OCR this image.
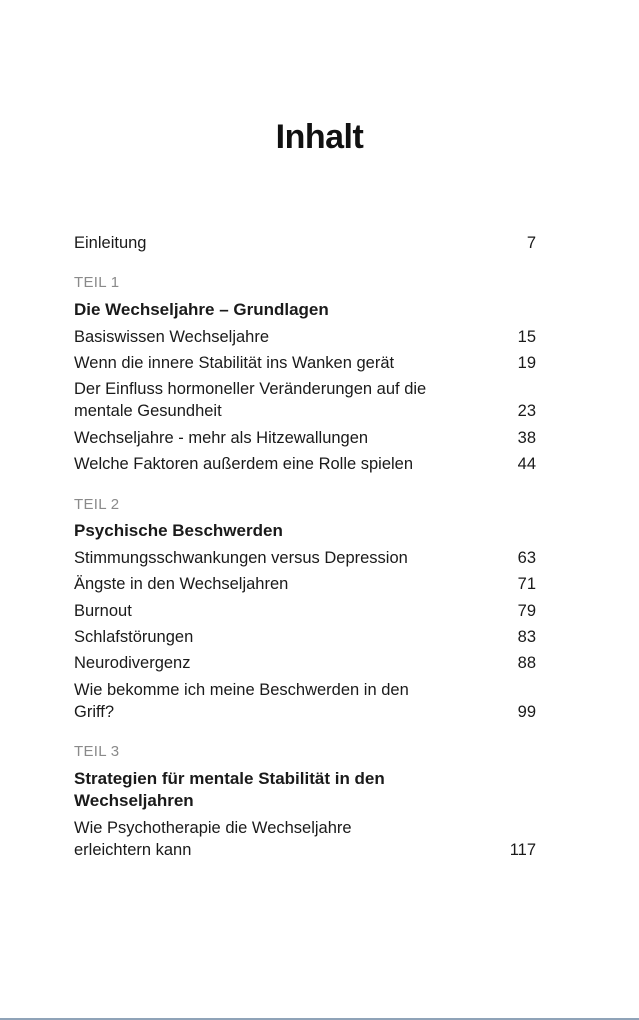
Inhalt
Einleitung	7
TEIL 1
Die Wechseljahre – Grundlagen
Basiswissen Wechseljahre	15
Wenn die innere Stabilität ins Wanken gerät	19
Der Einfluss hormoneller Veränderungen auf die mentale Gesundheit	23
Wechseljahre - mehr als Hitzewallungen	38
Welche Faktoren außerdem eine Rolle spielen	44
TEIL 2
Psychische Beschwerden
Stimmungsschwankungen versus Depression	63
Ängste in den Wechseljahren	71
Burnout	79
Schlafstörungen	83
Neurodivergenz	88
Wie bekomme ich meine Beschwerden in den Griff?	99
TEIL 3
Strategien für mentale Stabilität in den Wechseljahren
Wie Psychotherapie die Wechseljahre erleichtern kann	117
